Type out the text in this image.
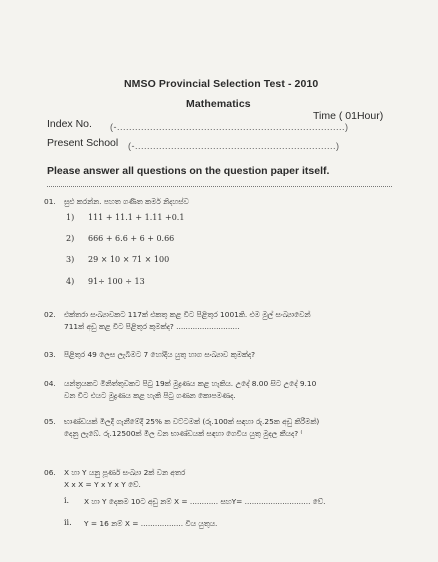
NMSO Provincial Selection Test - 2010
Mathematics
Time ( 01Hour)
Index No. (-............................................................................)
Present School (-...................................................................)
Please answer all questions on the question paper itself.
01. සුළු කරන්න. පහත ගණිත කර්ම නිදහස්ව
1) 111 + 11.1 + 1.11 +0.1
2) 666 + 6.6 + 6 + 0.66
3) 29 × 10 × 71 × 100
4) 91÷ 100 ÷ 13
02. එක්තරා සංඛ්‍යාවකට 117ක් එකතු කළ විට පිළිතුර 1001කි. එම මුල් සංඛ්‍යාවෙන්
711ක් අඩු කළ විට පිළිතුර කුමක්ද? ...........................
03. පිළිතුර 49 ලෙස ලැබීමට 7 හෝදිය යුතු හාග සංඛ්‍යාව කුමක්ද?
04. යන්ත්‍රයකට මිනිත්තුවකට පිටු 19ක් මුද්‍රණය කළ හැකිය. උදේ 8.00 සිට උදේ 9.10
වන විට එයට මුද්‍රණය කළ හැකි පිටු ගණන කොපමණද.
05. භාණ්ඩයක් මිලදී ගැනීමේදී 25% ක වට්ටමක් (රු.100ක් සඳහා රු.25ක අඩු කිරීමක්)
දෙනු ලැබේ. රු.12500ක් මිල වන භාණ්ඩයක් සඳහා ගෙවිය යුතු මුදල කීයද? ⁽
06. X හා Y යනු පූර්ණ සංඛ්‍යා 2ක් වන අතර
X x X = Y x Y x Y වේ.
i. X හා Y දෙකම 10ට අඩු නම් X = ............ සහY= ............................ වේ.
ii. Y = 16 නම් X = .................. විය යුතුය.
